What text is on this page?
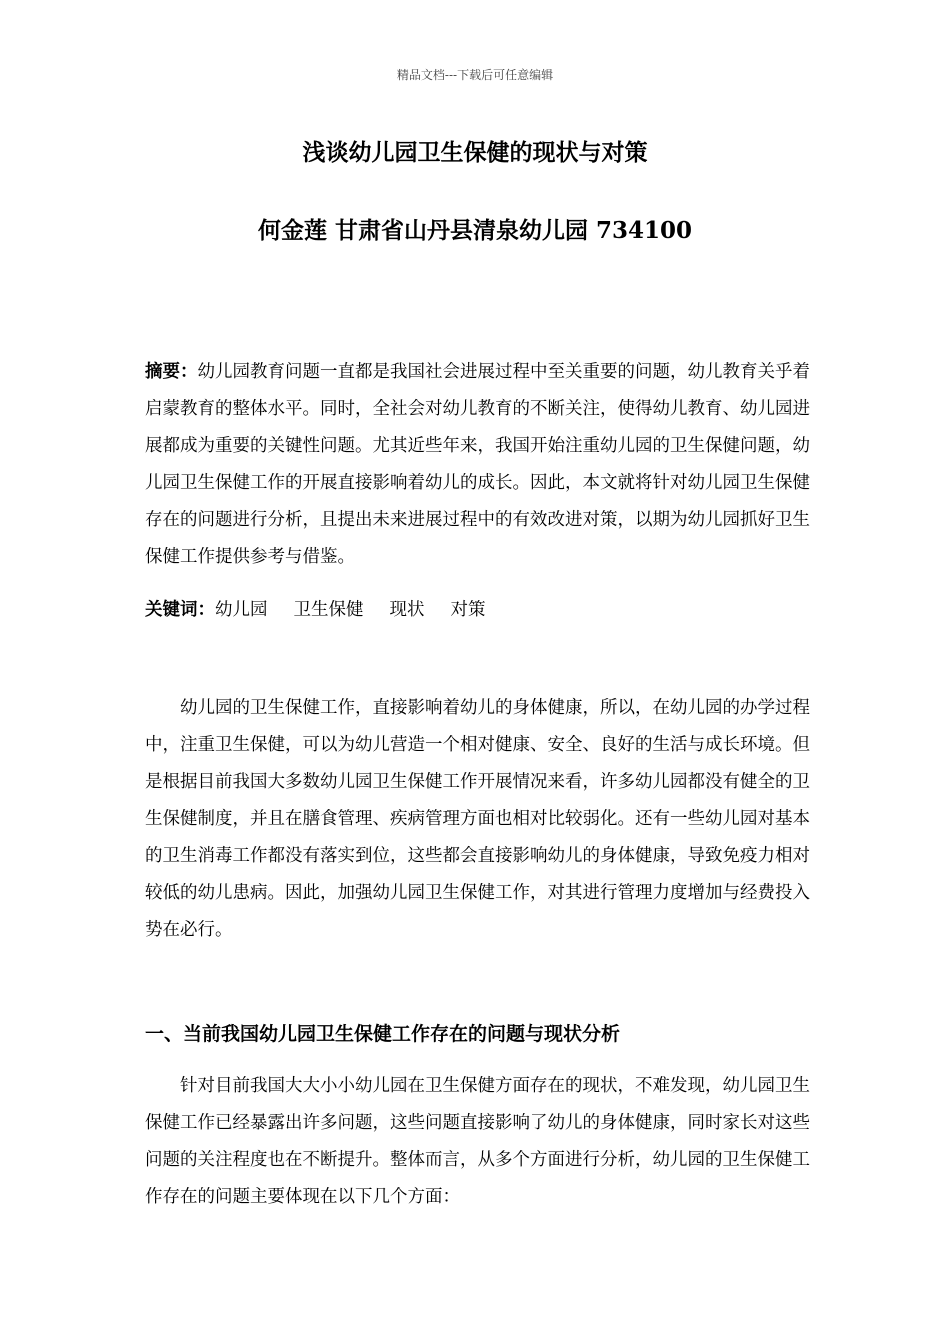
精品文档---下载后可任意编辑
浅谈幼儿园卫生保健的现状与对策
何金莲 甘肃省山丹县清泉幼儿园 734100

摘要：幼儿园教育问题一直都是我国社会进展过程中至关重要的问题，幼儿教育关乎着启蒙教育的整体水平。同时，全社会对幼儿教育的不断关注，使得幼儿教育、幼儿园进展都成为重要的关键性问题。尤其近些年来，我国开始注重幼儿园的卫生保健问题，幼儿园卫生保健工作的开展直接影响着幼儿的成长。因此，本文就将针对幼儿园卫生保健存在的问题进行分析，且提出未来进展过程中的有效改进对策，以期为幼儿园抓好卫生保健工作提供参考与借鉴。

关键词：幼儿园 卫生保健 现状 对策

幼儿园的卫生保健工作，直接影响着幼儿的身体健康，所以，在幼儿园的办学过程中，注重卫生保健，可以为幼儿营造一个相对健康、安全、良好的生活与成长环境。但是根据目前我国大多数幼儿园卫生保健工作开展情况来看，许多幼儿园都没有健全的卫生保健制度，并且在膳食管理、疾病管理方面也相对比较弱化。还有一些幼儿园对基本的卫生消毒工作都没有落实到位，这些都会直接影响幼儿的身体健康，导致免疫力相对较低的幼儿患病。因此，加强幼儿园卫生保健工作，对其进行管理力度增加与经费投入势在必行。

一、当前我国幼儿园卫生保健工作存在的问题与现状分析

针对目前我国大大小小幼儿园在卫生保健方面存在的现状，不难发现，幼儿园卫生保健工作已经暴露出许多问题，这些问题直接影响了幼儿的身体健康，同时家长对这些问题的关注程度也在不断提升。整体而言，从多个方面进行分析，幼儿园的卫生保健工作存在的问题主要体现在以下几个方面：
